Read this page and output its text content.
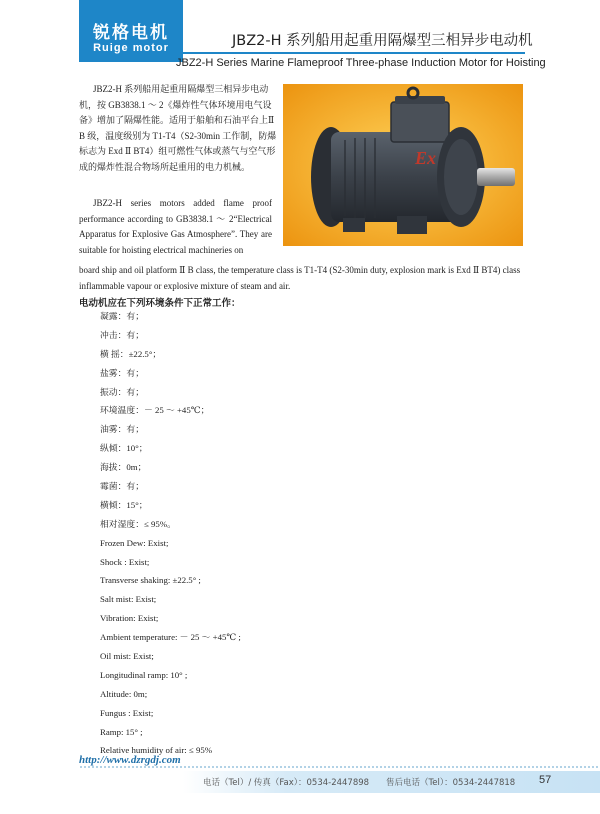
锐格电机
Ruige motor	JBZ2-H 系列船用起重用隔爆型三相异步电动机
JBZ2-H Series Marine Flameproof Three-phase Induction Motor for Hoisting

JBZ2-H 系列船用起重用隔爆型三相异步电动机，按 GB3838.1 ～ 2《爆炸性气体环境用电气设备》增加了隔爆性能。适用于船舶和石油平台上Ⅱ B 级，温度级别为 T1-T4（S2-30min 工作制，防爆标志为 Exd Ⅱ BT4）组可燃性气体或蒸气与空气形成的爆炸性混合物场所起重用的电力机械。

JBZ2-H series motors added flame proof performance according to GB3838.1 ～ 2“Electrical Apparatus for Explosive Gas Atmosphere”. They are suitable for hoisting electrical machineries on

board ship and oil platform Ⅱ B class, the temperature class is T1-T4 (S2-30min duty, explosion mark is Exd Ⅱ BT4) class inflammable vapour or explosive mixture of steam and air.

Ex
电动机应在下列环境条件下正常工作：
凝露：有；
冲击：有；
横 摇：±22.5°；
盐雾：有；
振动：有；
环境温度：－ 25 ～ +45℃；
油雾：有；
纵倾：10°；
海拔：0m；
霉菌：有；
横倾：15°；
相对湿度：≤ 95%。
Frozen Dew: Exist;
Shock : Exist;
Transverse shaking: ±22.5° ;
Salt mist: Exist;
Vibration: Exist;
Ambient temperature: － 25 ～ +45℃ ;
Oil mist: Exist;
Longitudinal ramp: 10° ;
Altitude: 0m;
Fungus : Exist;
Ramp: 15° ;
Relative humidity of air: ≤ 95%
http://www.dzrgdj.com
电话（Tel）/ 传真（Fax）：0534-2447898　　售后电话（Tel）：0534-2447818 57
